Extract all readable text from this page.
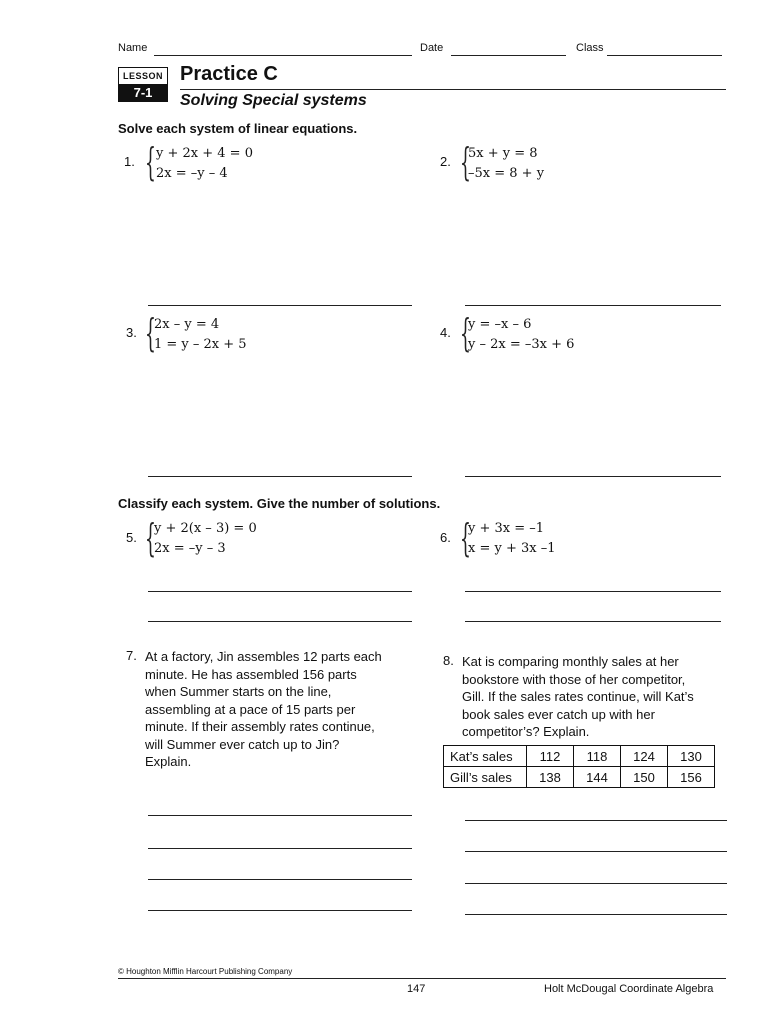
Name	Date	Class
LESSON
7-1
Practice C
Solving Special systems
Solve each system of linear equations.
1. { y + 2x + 4 = 0
2x = –y – 4
2. {
5x + y = 8
–5x = 8 + y
3. {
2x – y = 4
1 = y – 2x + 5
4. {
y = –x – 6
y – 2x = –3x + 6
Classify each system. Give the number of solutions.
5. {
y + 2(x – 3) = 0
2x = –y – 3
6. {
y + 3x = –1
x = y + 3x –1
7. At a factory, Jin assembles 12 parts each
minute. He has assembled 156 parts
when Summer starts on the line,
assembling at a pace of 15 parts per
minute. If their assembly rates continue,
will Summer ever catch up to Jin?
Explain.
8. Kat is comparing monthly sales at her
bookstore with those of her competitor,
Gill. If the sales rates continue, will Kat’s
book sales ever catch up with her
competitor’s? Explain.
Kat’s sales	112	118	124	130
Gill’s sales	138	144	150	156
© Houghton Mifflin Harcourt Publishing Company
147	Holt McDougal Coordinate Algebra
